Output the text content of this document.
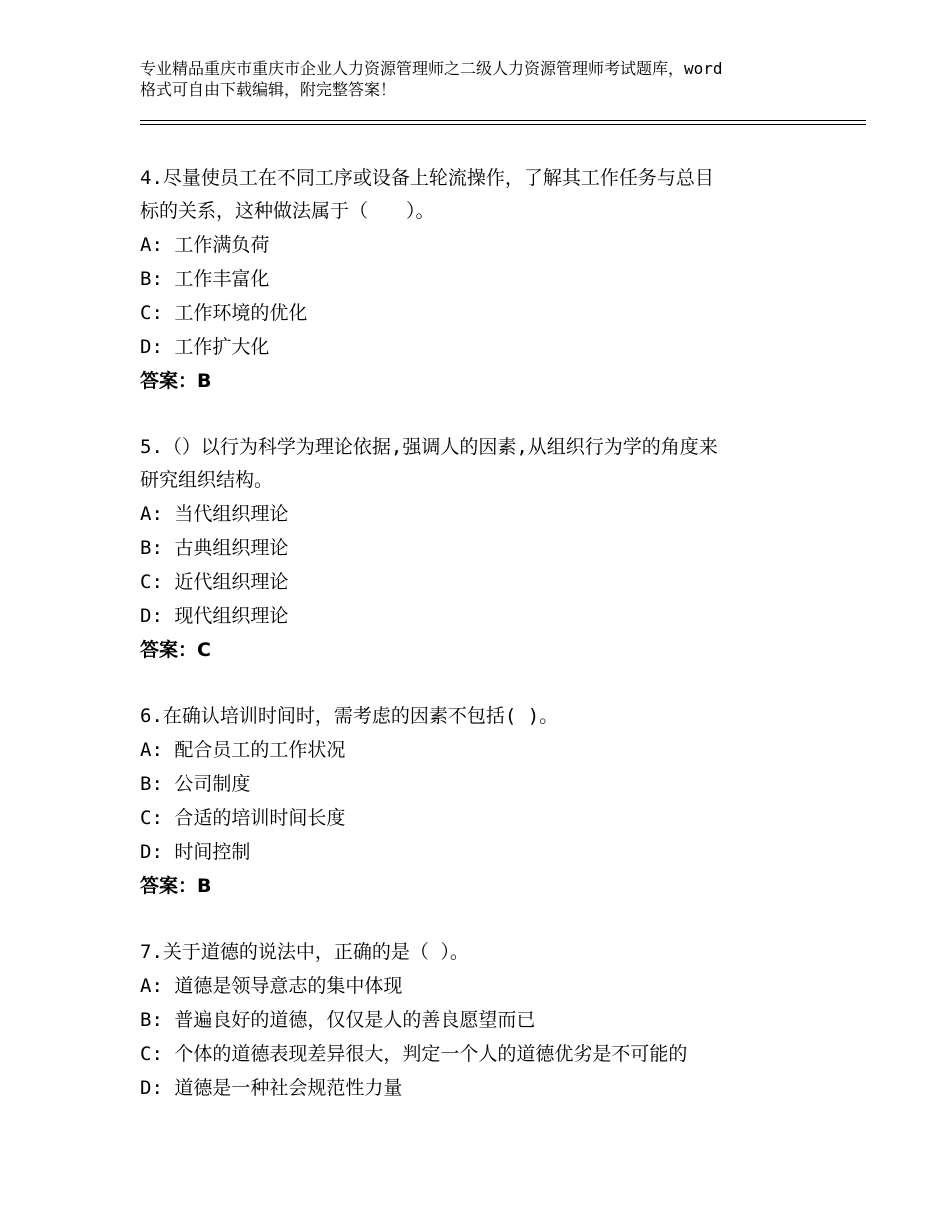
专业精品重庆市重庆市企业人力资源管理师之二级人力资源管理师考试题库，word
格式可自由下载编辑，附完整答案！

4.尽量使员工在不同工序或设备上轮流操作，了解其工作任务与总目

标的关系，这种做法属于（　　）。

A: 工作满负荷

B: 工作丰富化

C: 工作环境的优化

D: 工作扩大化

答案：B

5.（）以行为科学为理论依据,强调人的因素,从组织行为学的角度来

研究组织结构。

A: 当代组织理论

B: 古典组织理论

C: 近代组织理论

D: 现代组织理论

答案：C

6.在确认培训时间时，需考虑的因素不包括( )。

A: 配合员工的工作状况

B: 公司制度

C: 合适的培训时间长度

D: 时间控制

答案：B

7.关于道德的说法中，正确的是（ ）。

A: 道德是领导意志的集中体现

B: 普遍良好的道德，仅仅是人的善良愿望而已

C: 个体的道德表现差异很大，判定一个人的道德优劣是不可能的

D: 道德是一种社会规范性力量
